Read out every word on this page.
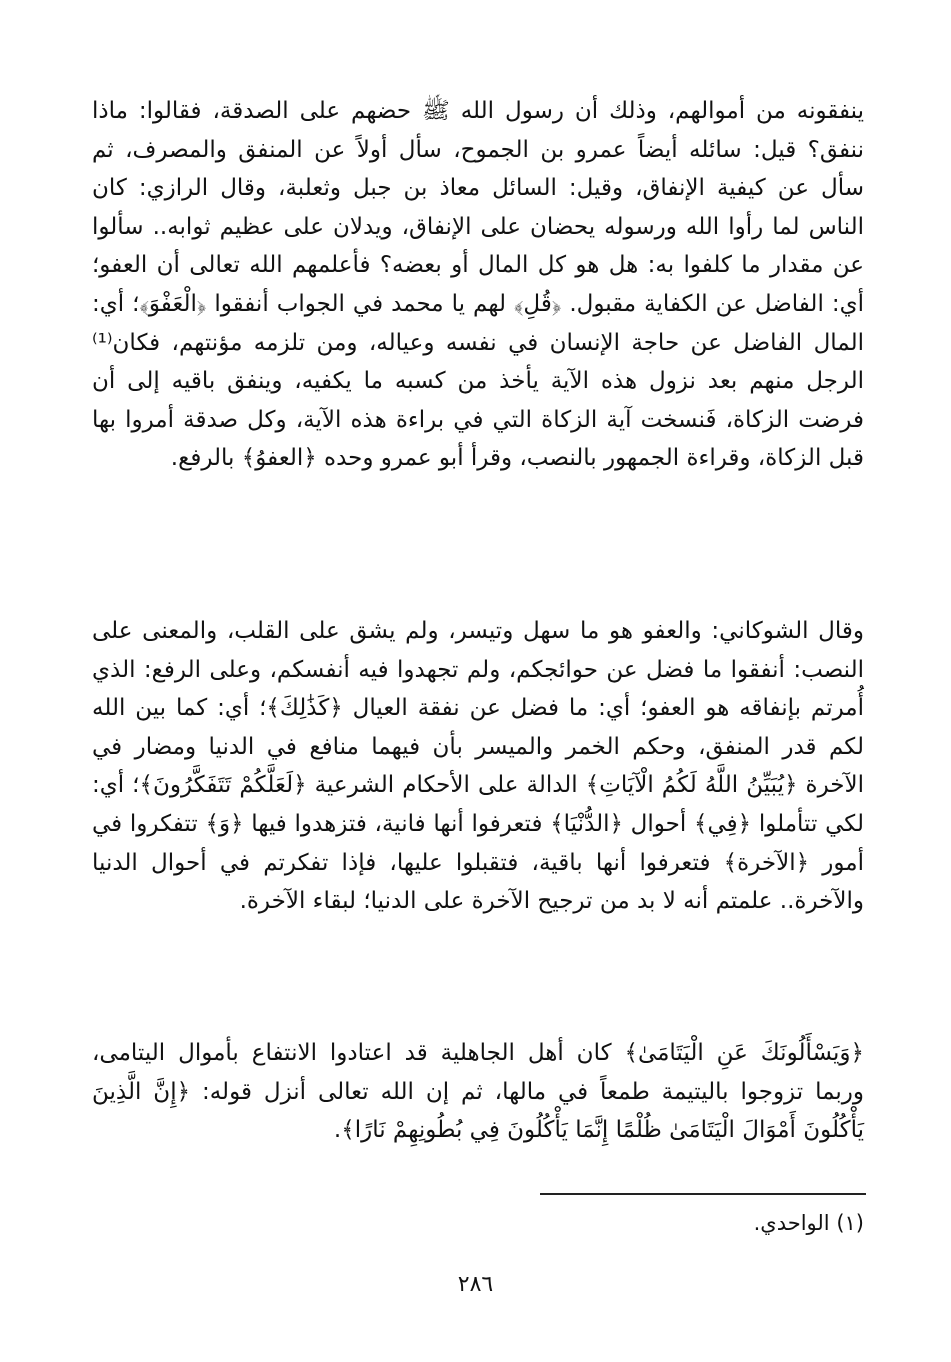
ينفقونه من أموالهم، وذلك أن رسول الله ﷺ حضهم على الصدقة، فقالوا: ماذا ننفق؟ قيل: سائله أيضاً عمرو بن الجموح، سأل أولاً عن المنفق والمصرف، ثم سأل عن كيفية الإنفاق، وقيل: السائل معاذ بن جبل وثعلبة، وقال الرازي: كان الناس لما رأوا الله ورسوله يحضان على الإنفاق، ويدلان على عظيم ثوابه.. سألوا عن مقدار ما كلفوا به: هل هو كل المال أو بعضه؟ فأعلمهم الله تعالى أن العفو؛ أي: الفاضل عن الكفاية مقبول. ﴿قُلِ﴾ لهم يا محمد في الجواب أنفقوا ﴿الْعَفْوَ﴾؛ أي: المال الفاضل عن حاجة الإنسان في نفسه وعياله، ومن تلزمه مؤنتهم، فكان⁽¹⁾ الرجل منهم بعد نزول هذه الآية يأخذ من كسبه ما يكفيه، وينفق باقيه إلى أن فرضت الزكاة، فَنسخت آية الزكاة التي في براءة هذه الآية، وكل صدقة أمروا بها قبل الزكاة، وقراءة الجمهور بالنصب، وقرأ أبو عمرو وحده ﴿العفوُ﴾ بالرفع.

وقال الشوكاني: والعفو هو ما سهل وتيسر، ولم يشق على القلب، والمعنى على النصب: أنفقوا ما فضل عن حوائجكم، ولم تجهدوا فيه أنفسكم، وعلى الرفع: الذي أُمرتم بإنفاقه هو العفو؛ أي: ما فضل عن نفقة العيال ﴿كَذَٰلِكَ﴾؛ أي: كما بين الله لكم قدر المنفق، وحكم الخمر والميسر بأن فيهما منافع في الدنيا ومضار في الآخرة ﴿يُبَيِّنُ اللَّهُ لَكُمُ الْآيَاتِ﴾ الدالة على الأحكام الشرعية ﴿لَعَلَّكُمْ تَتَفَكَّرُونَ﴾؛ أي: لكي تتأملوا ﴿فِي﴾ أحوال ﴿الدُّنْيَا﴾ فتعرفوا أنها فانية، فتزهدوا فيها ﴿وَ﴾ تتفكروا في أمور ﴿الآخرة﴾ فتعرفوا أنها باقية، فتقبلوا عليها، فإذا تفكرتم في أحوال الدنيا والآخرة.. علمتم أنه لا بد من ترجيح الآخرة على الدنيا؛ لبقاء الآخرة.

﴿وَيَسْأَلُونَكَ عَنِ الْيَتَامَىٰ﴾ كان أهل الجاهلية قد اعتادوا الانتفاع بأموال اليتامى، وربما تزوجوا باليتيمة طمعاً في مالها، ثم إن الله تعالى أنزل قوله: ﴿إِنَّ الَّذِينَ يَأْكُلُونَ أَمْوَالَ الْيَتَامَىٰ ظُلْمًا إِنَّمَا يَأْكُلُونَ فِي بُطُونِهِمْ نَارًا﴾.

(١) الواحدي.
٢٨٦
